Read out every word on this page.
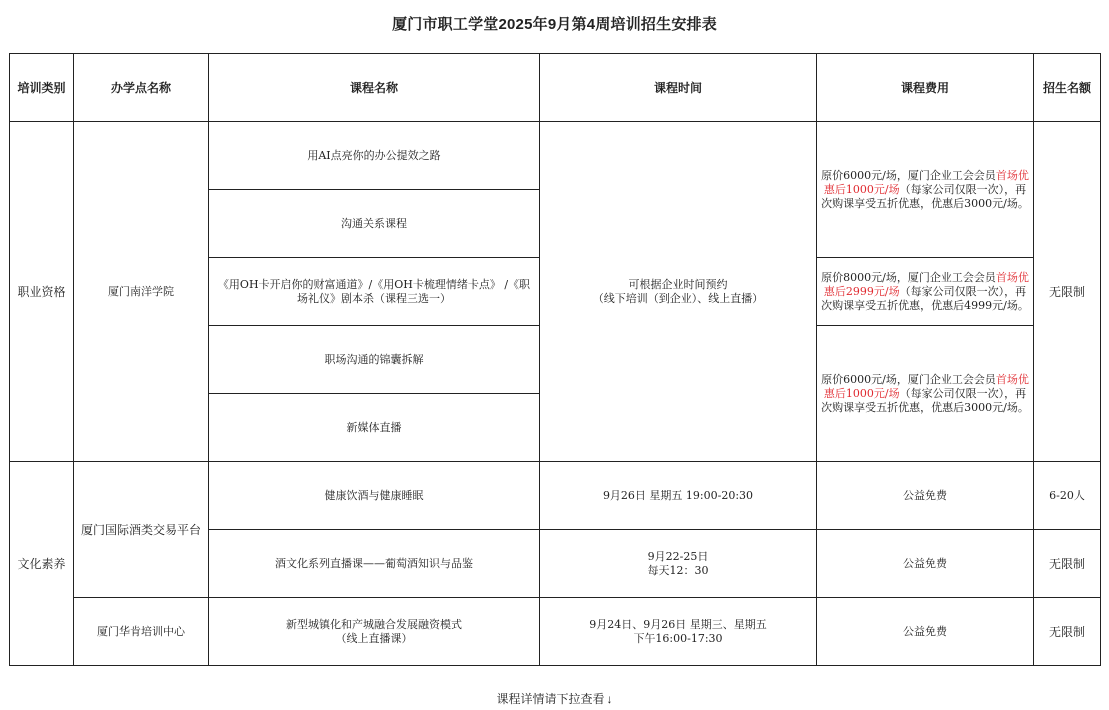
厦门市职工学堂2025年9月第4周培训招生安排表
培训类别	办学点名称	课程名称	课程时间	课程费用	招生名额
职业资格	厦门南洋学院	用AI点亮你的办公提效之路	可根据企业时间预约
（线下培训（到企业）、线上直播）	原价6000元/场，厦门企业工会会员首场优惠后1000元/场（每家公司仅限一次），再次购课享受五折优惠，优惠后3000元/场。	无限制
		沟通关系课程			
		《用OH卡开启你的财富通道》/《用OH卡梳理情绪卡点》 /《职场礼仪》剧本杀（课程三选一）		原价8000元/场，厦门企业工会会员首场优惠后2999元/场（每家公司仅限一次），再次购课享受五折优惠，优惠后4999元/场。	
		职场沟通的锦囊拆解		原价6000元/场，厦门企业工会会员首场优惠后1000元/场（每家公司仅限一次），再次购课享受五折优惠，优惠后3000元/场。	
		新媒体直播			
文化素养	厦门国际酒类交易平台	健康饮酒与健康睡眠	9月26日 星期五 19:00-20:30	公益免费	6-20人
		酒文化系列直播课——葡萄酒知识与品鉴	9月22-25日
每天12：30	公益免费	无限制
	厦门华肯培训中心	新型城镇化和产城融合发展融资模式
（线上直播课）	9月24日、9月26日 星期三、星期五
下午16:00-17:30	公益免费	无限制
课程详情请下拉查看 ↓
